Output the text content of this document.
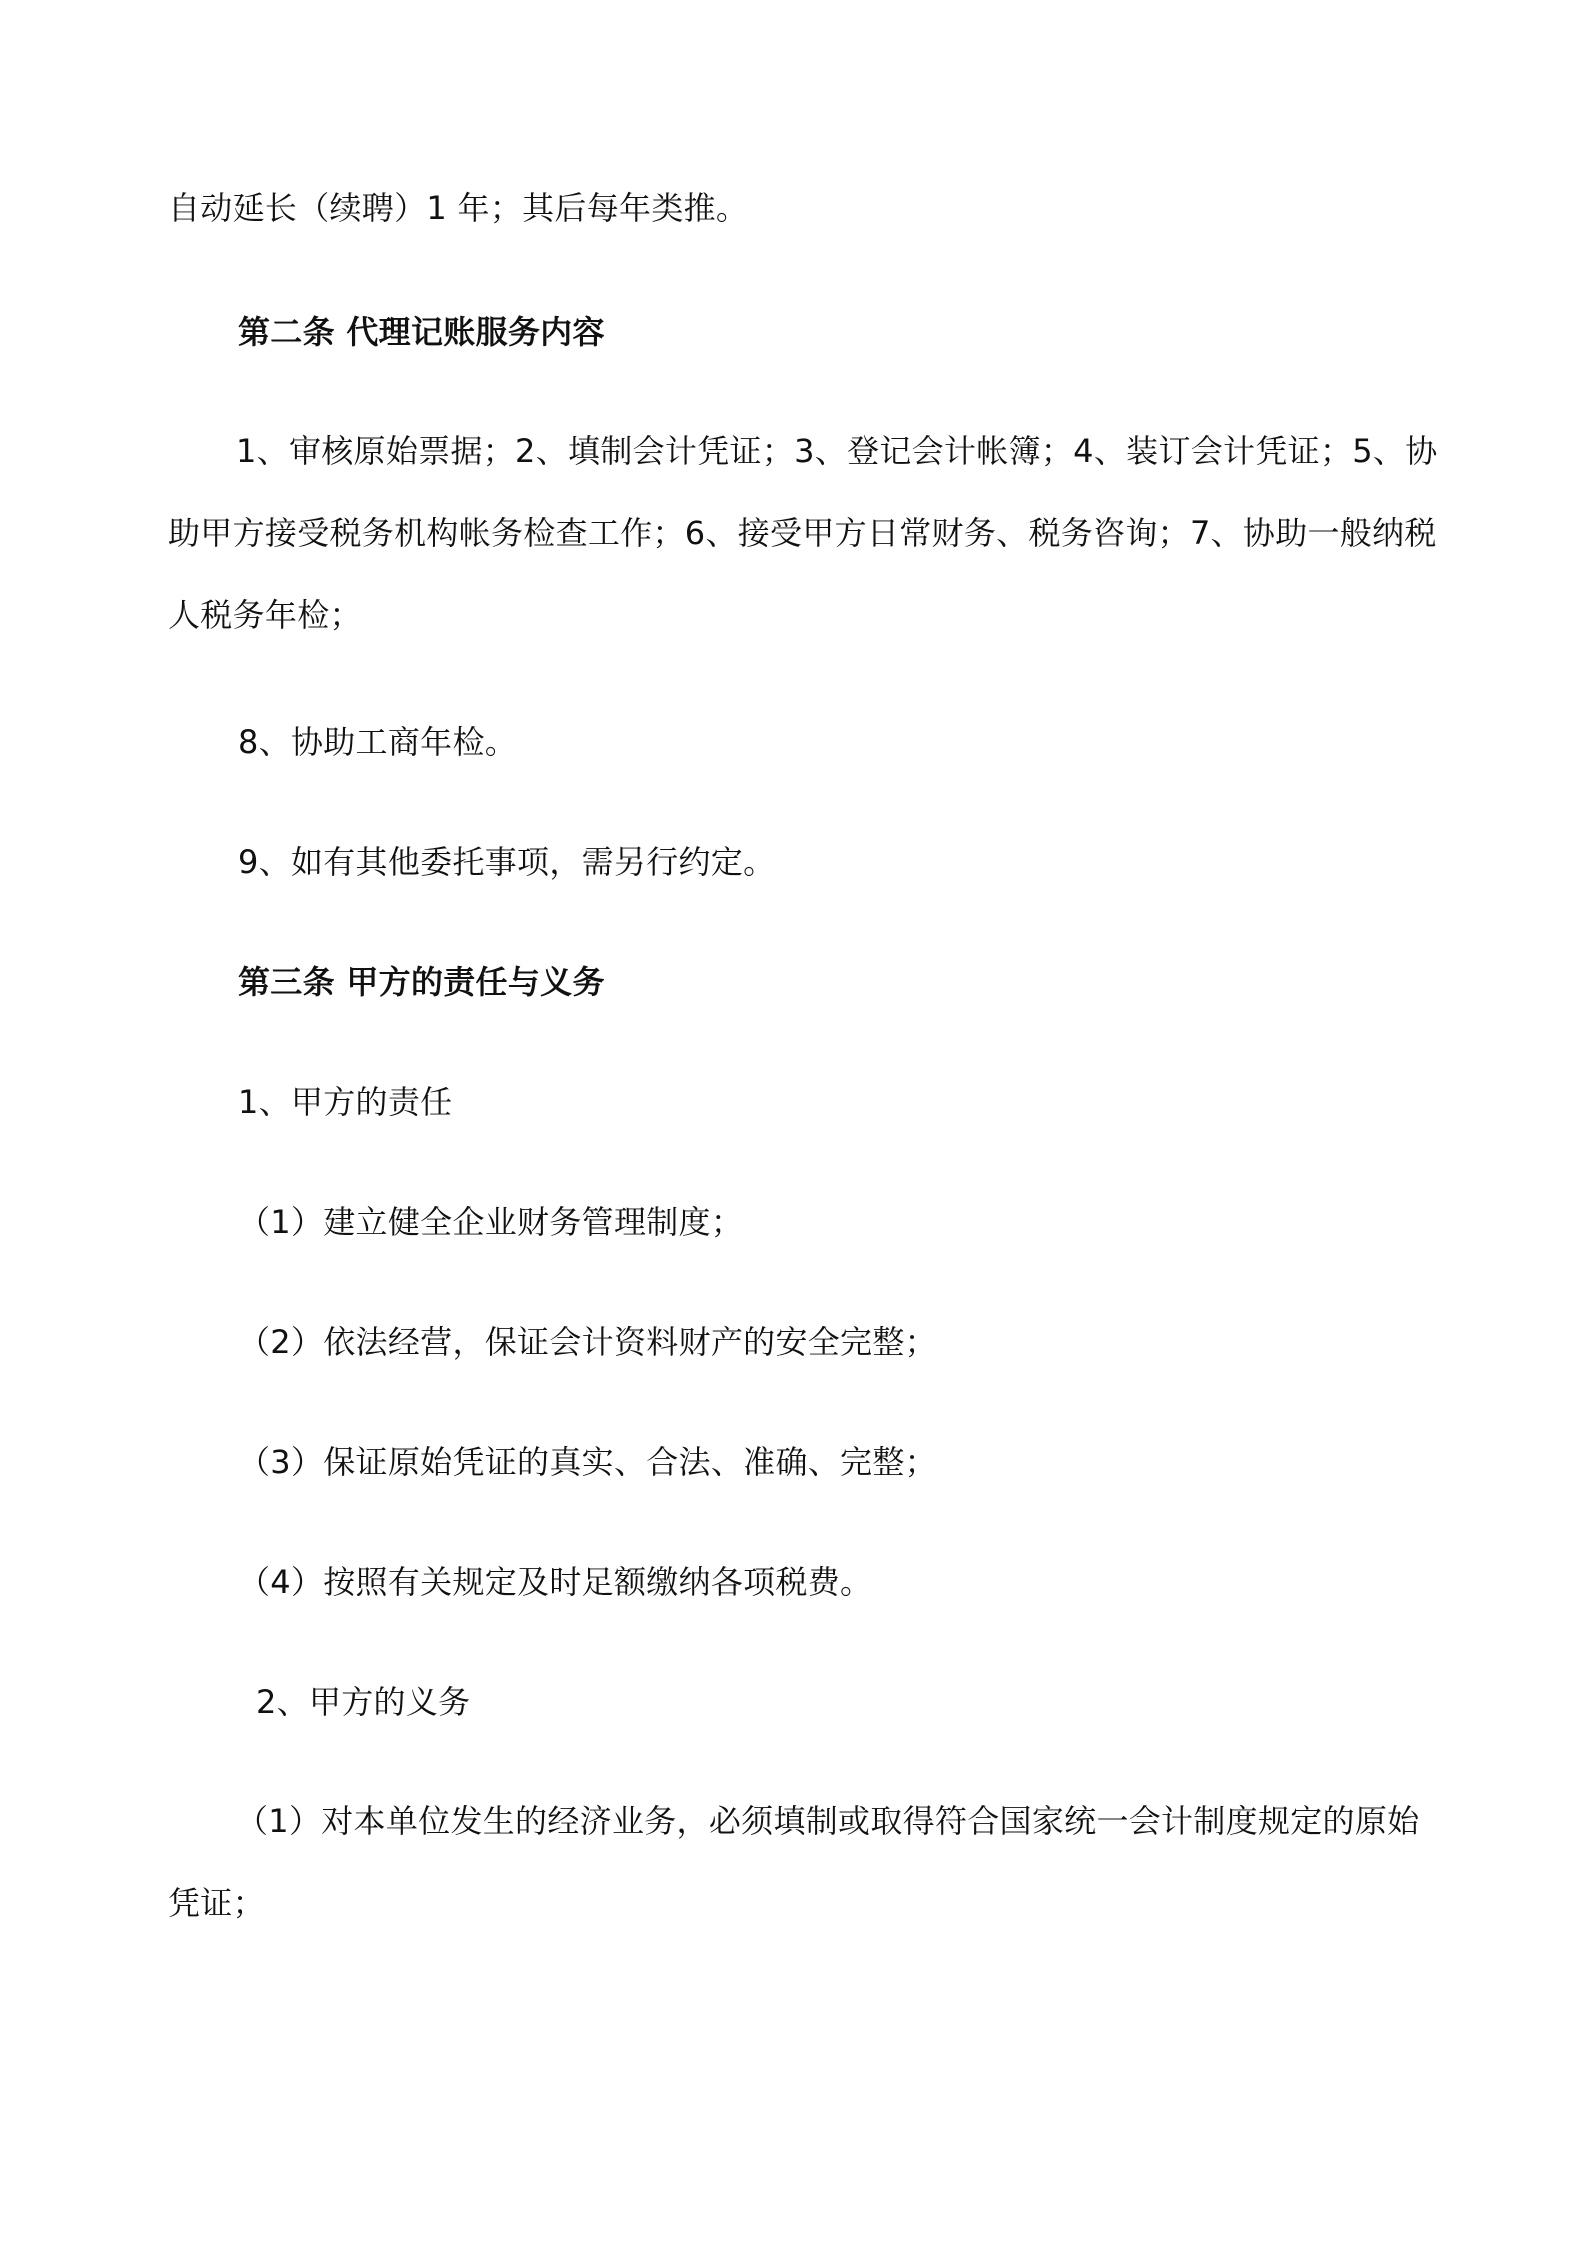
自动延长（续聘）1 年；其后每年类推。
第二条 代理记账服务内容
1、审核原始票据；2、填制会计凭证；3、登记会计帐簿；4、装订会计凭证；5、协助甲方接受税务机构帐务检查工作；6、接受甲方日常财务、税务咨询；7、协助一般纳税人税务年检；
8、协助工商年检。
9、如有其他委托事项，需另行约定。
第三条 甲方的责任与义务
1、甲方的责任
（1）建立健全企业财务管理制度；
（2）依法经营，保证会计资料财产的安全完整；
（3）保证原始凭证的真实、合法、准确、完整；
（4）按照有关规定及时足额缴纳各项税费。
2、甲方的义务
（1）对本单位发生的经济业务，必须填制或取得符合国家统一会计制度规定的原始凭证；
